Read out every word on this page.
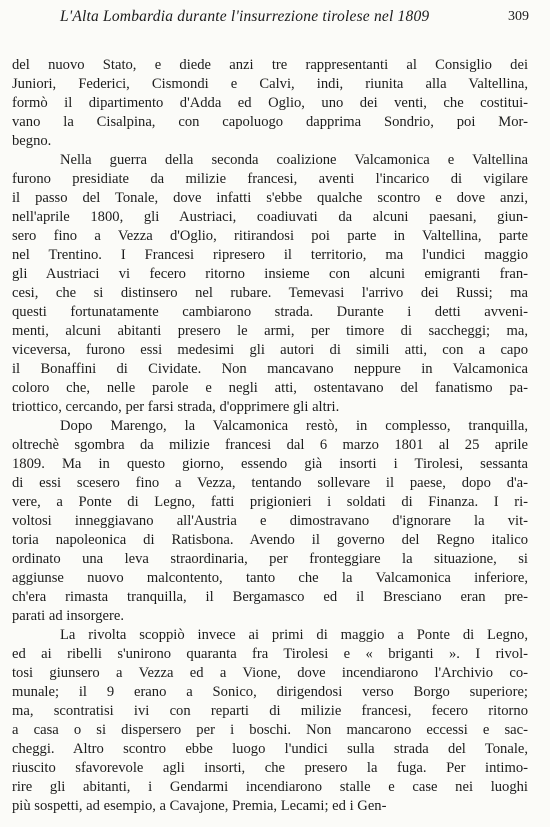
L'Alta Lombardia durante l'insurrezione tirolese nel 1809	309
del nuovo Stato, e diede anzi tre rappresentanti al Consiglio dei
Juniori, Federici, Cismondi e Calvi, indi, riunita alla Valtellina,
formò il dipartimento d'Adda ed Oglio, uno dei venti, che costitui-
vano la Cisalpina, con capoluogo dapprima Sondrio, poi Mor-
begno.
Nella guerra della seconda coalizione Valcamonica e Valtellina
furono presidiate da milizie francesi, aventi l'incarico di vigilare
il passo del Tonale, dove infatti s'ebbe qualche scontro e dove anzi,
nell'aprile 1800, gli Austriaci, coadiuvati da alcuni paesani, giun-
sero fino a Vezza d'Oglio, ritirandosi poi parte in Valtellina, parte
nel Trentino. I Francesi ripresero il territorio, ma l'undici maggio
gli Austriaci vi fecero ritorno insieme con alcuni emigranti fran-
cesi, che si distinsero nel rubare. Temevasi l'arrivo dei Russi; ma
questi fortunatamente cambiarono strada. Durante i detti avveni-
menti, alcuni abitanti presero le armi, per timore di saccheggi; ma,
viceversa, furono essi medesimi gli autori di simili atti, con a capo
il Bonaffini di Cividate. Non mancavano neppure in Valcamonica
coloro che, nelle parole e negli atti, ostentavano del fanatismo pa-
triottico, cercando, per farsi strada, d'opprimere gli altri.
Dopo Marengo, la Valcamonica restò, in complesso, tranquilla,
oltrechè sgombra da milizie francesi dal 6 marzo 1801 al 25 aprile
1809. Ma in questo giorno, essendo già insorti i Tirolesi, sessanta
di essi scesero fino a Vezza, tentando sollevare il paese, dopo d'a-
vere, a Ponte di Legno, fatti prigionieri i soldati di Finanza. I ri-
voltosi inneggiavano all'Austria e dimostravano d'ignorare la vit-
toria napoleonica di Ratisbona. Avendo il governo del Regno italico
ordinato una leva straordinaria, per fronteggiare la situazione, si
aggiunse nuovo malcontento, tanto che la Valcamonica inferiore,
ch'era rimasta tranquilla, il Bergamasco ed il Bresciano eran pre-
parati ad insorgere.
La rivolta scoppiò invece ai primi di maggio a Ponte di Legno,
ed ai ribelli s'unirono quaranta fra Tirolesi e « briganti ». I rivol-
tosi giunsero a Vezza ed a Vione, dove incendiarono l'Archivio co-
munale; il 9 erano a Sonico, dirigendosi verso Borgo superiore;
ma, scontratisi ivi con reparti di milizie francesi, fecero ritorno
a casa o si dispersero per i boschi. Non mancarono eccessi e sac-
cheggi. Altro scontro ebbe luogo l'undici sulla strada del Tonale,
riuscito sfavorevole agli insorti, che presero la fuga. Per intimo-
rire gli abitanti, i Gendarmi incendiarono stalle e case nei luoghi
più sospetti, ad esempio, a Cavajone, Premia, Lecami; ed i Gen-
